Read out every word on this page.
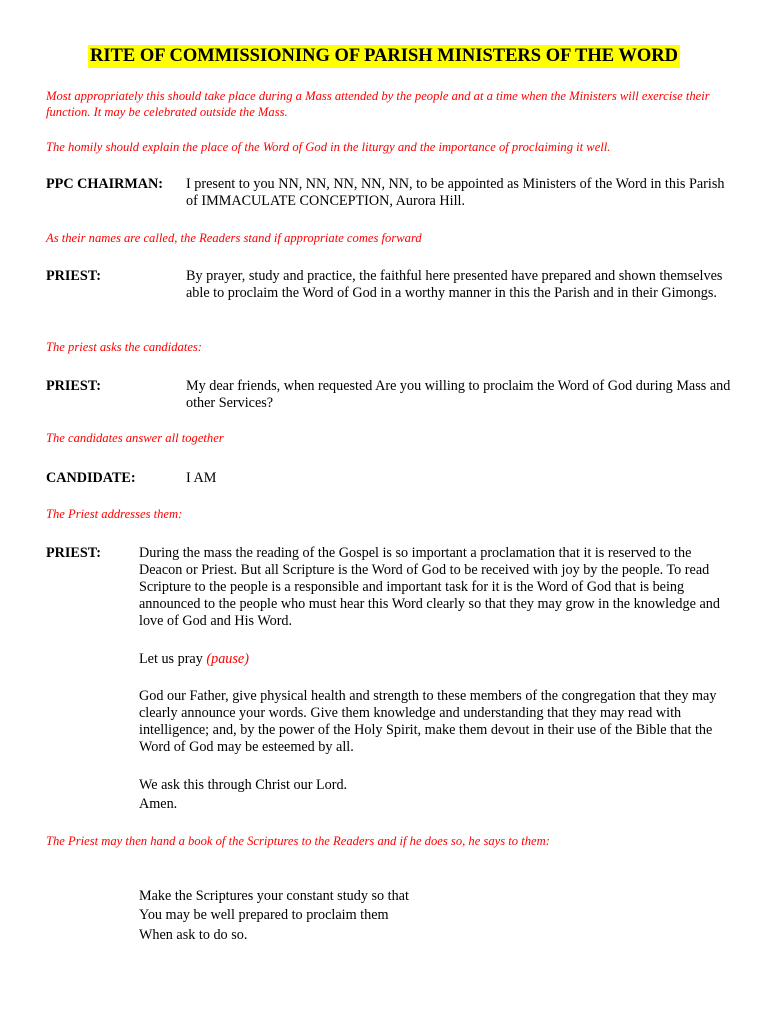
RITE OF COMMISSIONING OF PARISH MINISTERS OF THE WORD
Most appropriately this should take place during a Mass attended by the people and at a time when the Ministers will exercise their function. It may be celebrated outside the Mass.
The homily should explain the place of the Word of God in the liturgy and the importance of proclaiming it well.
PPC CHAIRMAN: I present to you NN, NN, NN, NN, NN, to be appointed as Ministers of the Word in this Parish of IMMACULATE CONCEPTION, Aurora Hill.
As their names are called, the Readers stand if appropriate comes forward
PRIEST:	By prayer, study and practice, the faithful here presented have prepared and shown themselves able to proclaim the Word of God in a worthy manner in this the Parish and in their Gimongs.
The priest asks the candidates:
PRIEST:	My dear friends, when requested Are you willing to proclaim the Word of God during Mass and other Services?
The candidates answer all together
CANDIDATE:	I AM
The Priest addresses them:
PRIEST:	During the mass the reading of the Gospel is so important a proclamation that it is reserved to the Deacon or Priest. But all Scripture is the Word of God to be received with joy by the people. To read Scripture to the people is a responsible and important task for it is the Word of God that is being announced to the people who must hear this Word clearly so that they may grow in the knowledge and love of God and His Word.
Let us pray (pause)
God our Father, give physical health and strength to these members of the congregation that they may clearly announce your words. Give them knowledge and understanding that they may read with intelligence; and, by the power of the Holy Spirit, make them devout in their use of the Bible that the Word of God may be esteemed by all.
We ask this through Christ our Lord.
Amen.
The Priest may then hand a book of the Scriptures to the Readers and if he does so, he says to them:
Make the Scriptures your constant study so that
You may be well prepared to proclaim them
When ask to do so.
